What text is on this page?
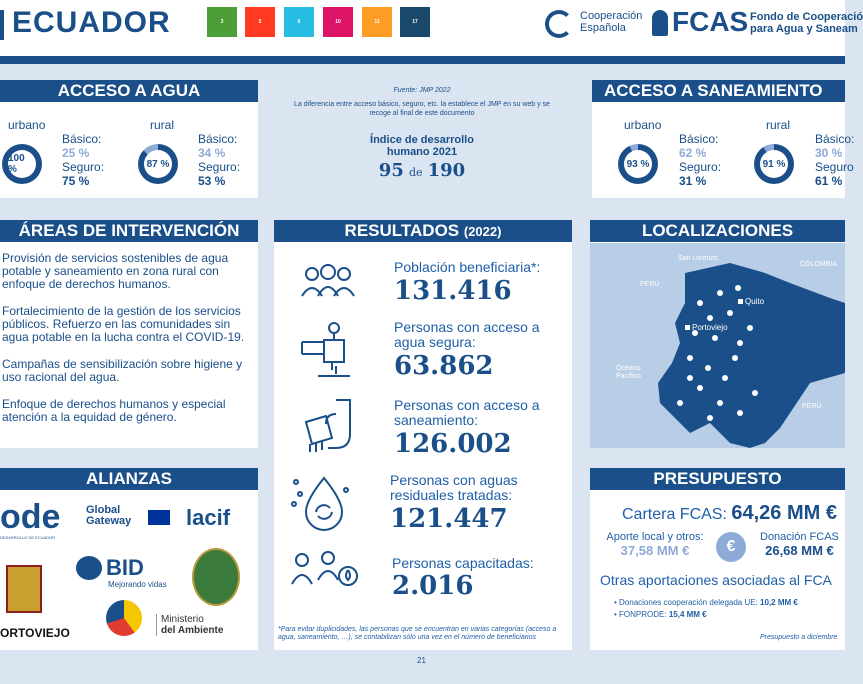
ECUADOR	3	5	6	10	11	17	Cooperación
Española	FCAS Fondo de Cooperació
para Agua y Saneam
ACCESO A AGUA
urbano
100 %
Básico:
25 %
Seguro:
75 %
rural
87 %
Básico:
34 %
Seguro:
53 %
Fuente: JMP 2022
La diferencia entre acceso básico, seguro, etc. la establece el JMP en su web y se recoge al final de este documento
Índice de desarrollo
humano 2021
95 de 190
ACCESO A SANEAMIENTO
urbano
93 %
Básico:
62 %
Seguro:
31 %
rural
91 %
Básico:
30 %
Seguro
61 %
ÁREAS DE INTERVENCIÓN

Provisión de servicios sostenibles de agua potable y saneamiento en zona rural con enfoque de derechos humanos.

Fortalecimiento de la gestión de los servicios públicos. Refuerzo en las comunidades sin agua potable en la lucha contra el COVID-19.

Campañas de sensibilización sobre higiene y uso racional del agua.

Enfoque de derechos humanos y especial atención a la equidad de género.

RESULTADOS
(2022)
Población beneficiaria*:
131.416
Personas con acceso a agua segura:
63.862
Personas con acceso a saneamiento:
126.002
Personas con aguas residuales tratadas:
121.447
Personas capacitadas:
2.016
*Para evitar duplicidades, las personas que se encuentran en varias categorías (acceso a agua, saneamiento, …), se contabilizan sólo una vez en el número de beneficiarios
LOCALIZACIONES
San Lorenzo
COLOMBIA
PERÚ
Quito
Portoviejo
Océano
Pacífico
PERÚ
ALIANZAS
ode
DESARROLLO DE ECUADOR
Global
Gateway lacif
BID
Mejorando vidas
ORTOVIEJO
Ministerio
del Ambiente
PRESUPUESTO
Cartera FCAS: 64,26 MM €
Aporte local y otros:
37,58 MM €	€
Donación FCAS
26,68 MM €
Otras aportaciones asociadas al FCA
• Donaciones cooperación delegada UE: 10,2 MM €
• FONPRODE: 15,4 MM €
Presupuesto a diciembre
21
